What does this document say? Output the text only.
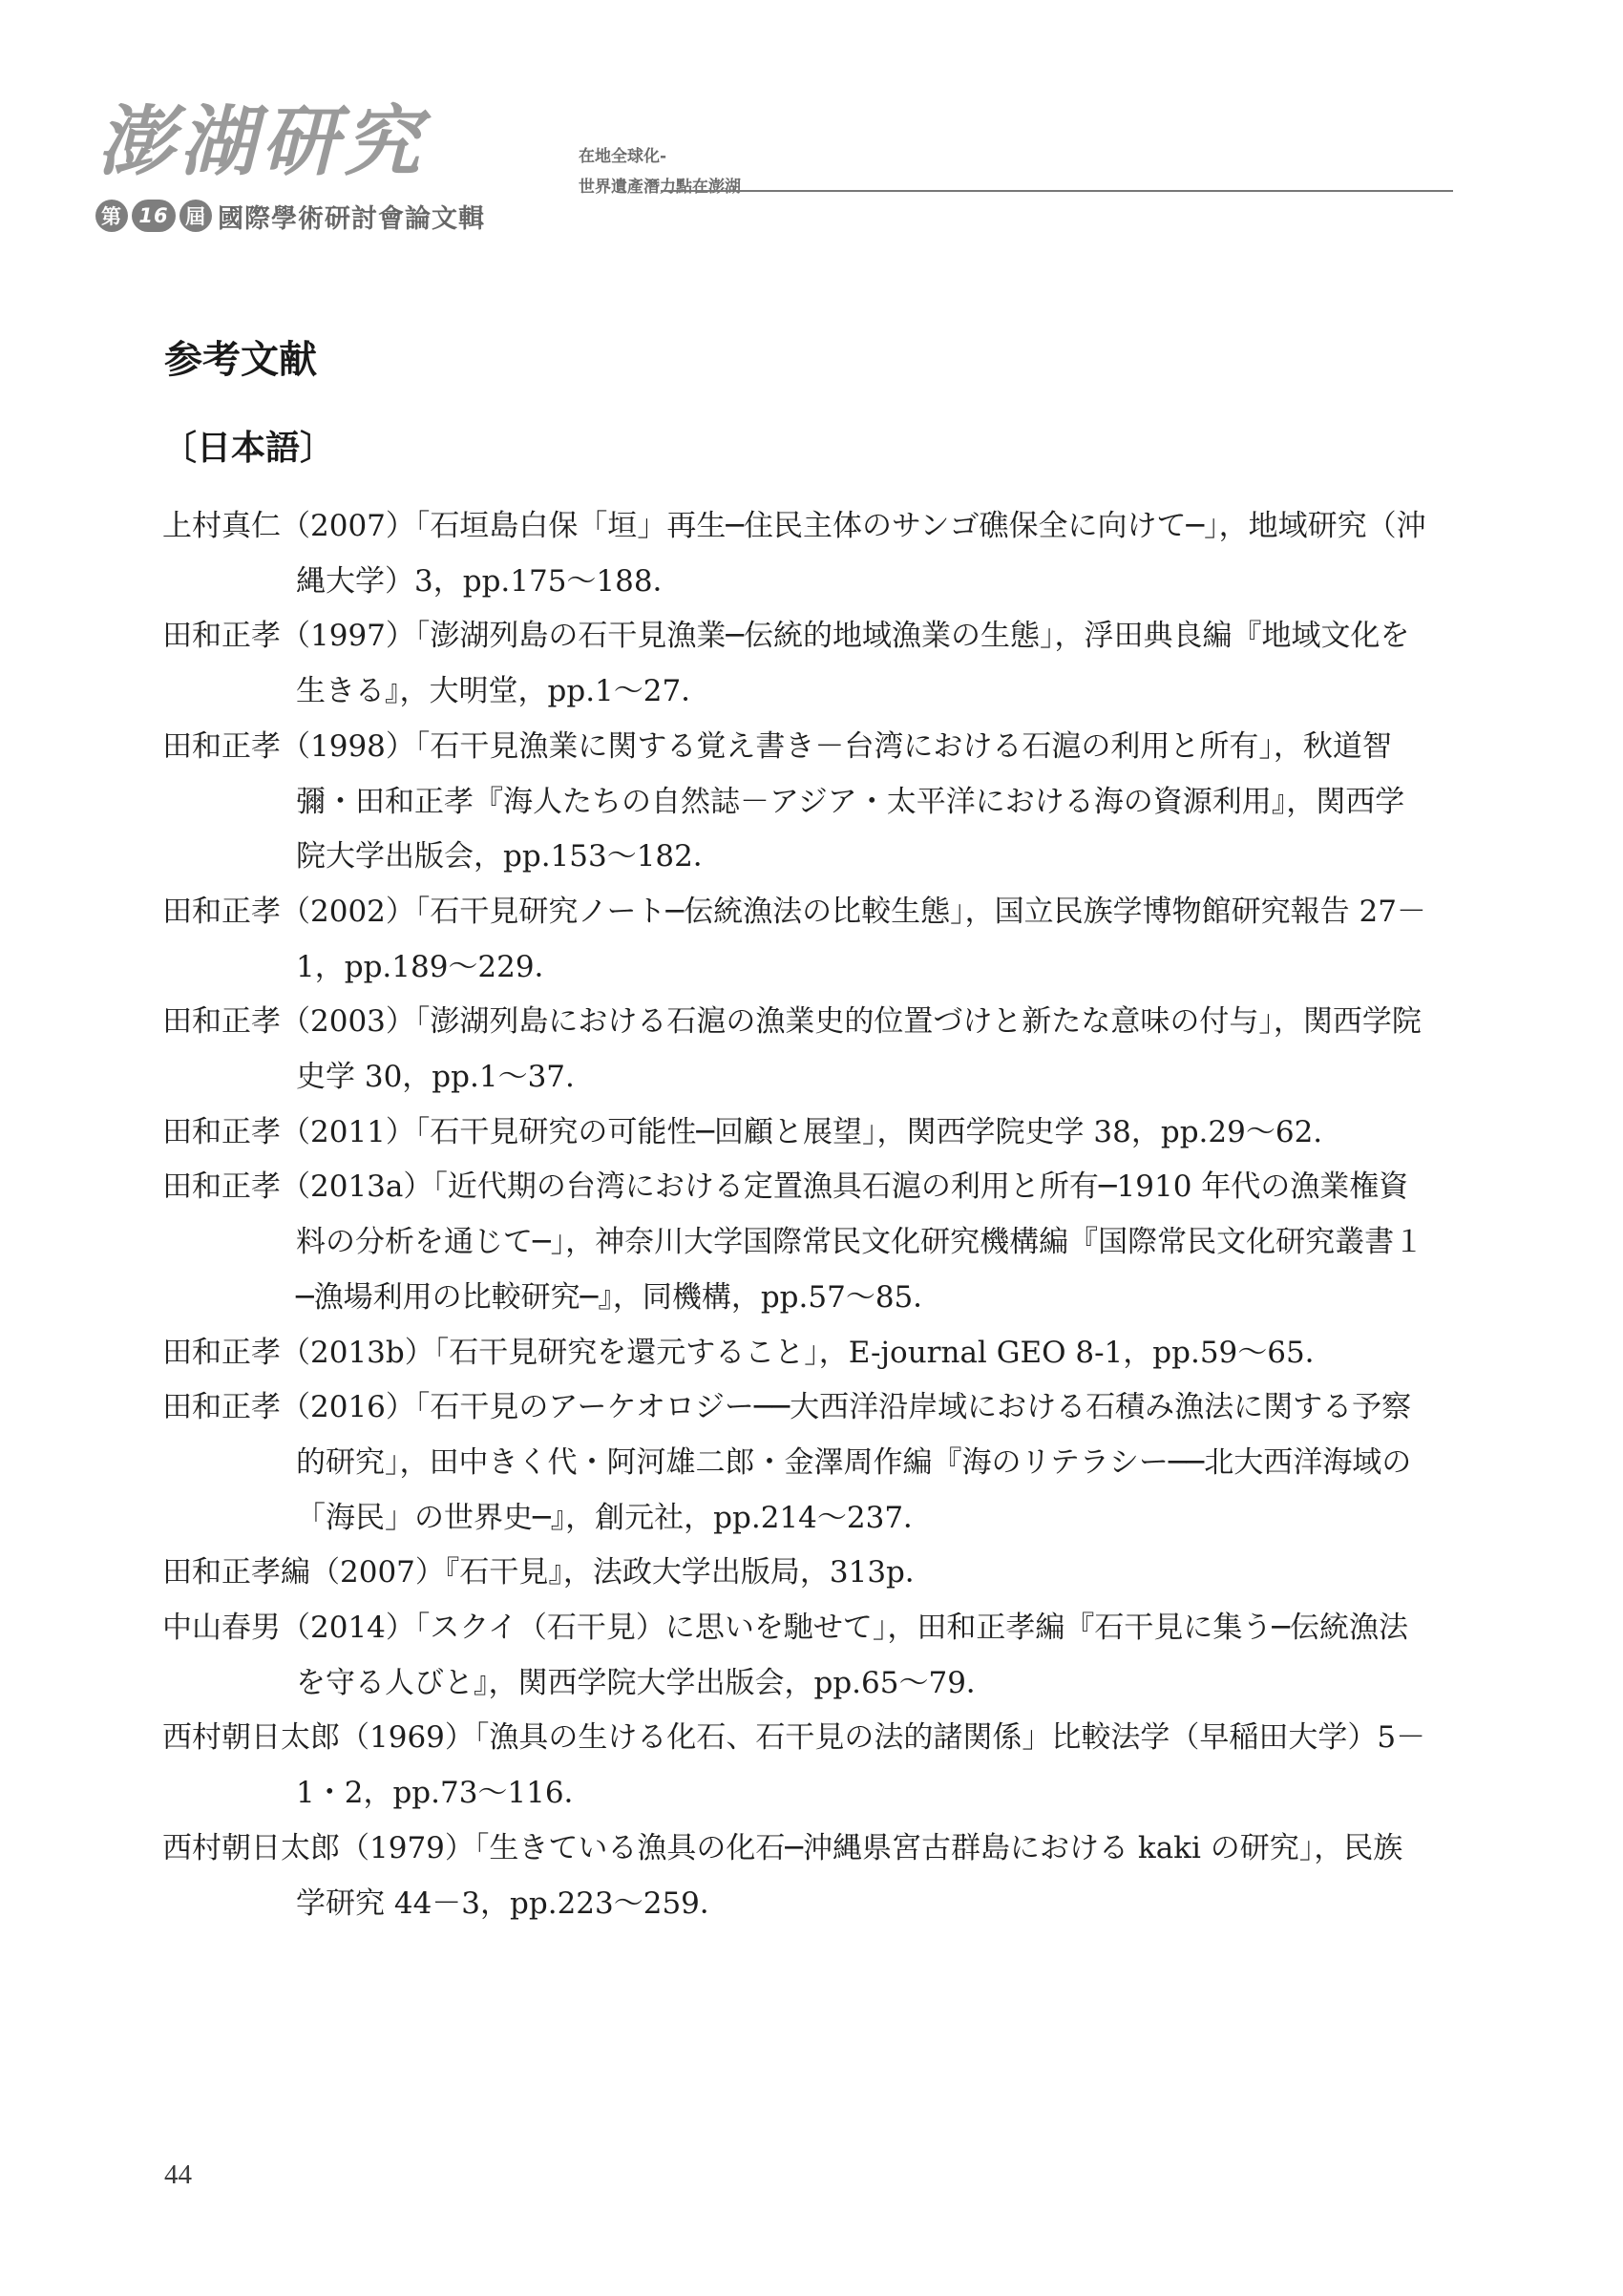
澎湖研究
第 16 屆 國際學術研討會論文輯
在地全球化-
世界遺產潛力點在澎湖
参考文献
〔日本語〕
上村真仁（2007）「石垣島白保「垣」再生─住民主体のサンゴ礁保全に向けて─」，地域研究（沖縄大学）3，pp.175～188．
田和正孝（1997）「澎湖列島の石干見漁業─伝統的地域漁業の生態」，浮田典良編『地域文化を生きる』，大明堂，pp.1～27．
田和正孝（1998）「石干見漁業に関する覚え書き－台湾における石滬の利用と所有」，秋道智彌・田和正孝『海人たちの自然誌－アジア・太平洋における海の資源利用』，関西学院大学出版会，pp.153～182．
田和正孝（2002）「石干見研究ノート─伝統漁法の比較生態」，国立民族学博物館研究報告 27－1，pp.189～229．
田和正孝（2003）「澎湖列島における石滬の漁業史的位置づけと新たな意味の付与」，関西学院史学 30，pp.1～37.
田和正孝（2011）「石干見研究の可能性─回顧と展望」，関西学院史学 38，pp.29～62.
田和正孝（2013a）「近代期の台湾における定置漁具石滬の利用と所有─1910 年代の漁業権資料の分析を通じて─」，神奈川大学国際常民文化研究機構編『国際常民文化研究叢書１─漁場利用の比較研究─』，同機構，pp.57～85．
田和正孝（2013b）「石干見研究を還元すること」，E-journal GEO 8-1，pp.59～65．
田和正孝（2016）「石干見のアーケオロジー──大西洋沿岸域における石積み漁法に関する予察的研究」，田中きく代・阿河雄二郎・金澤周作編『海のリテラシー──北大西洋海域の「海民」の世界史─』，創元社，pp.214～237．
田和正孝編（2007）『石干見』，法政大学出版局，313p．
中山春男（2014）「スクイ（石干見）に思いを馳せて」，田和正孝編『石干見に集う─伝統漁法を守る人びと』，関西学院大学出版会，pp.65～79．
西村朝日太郎（1969）「漁具の生ける化石、石干見の法的諸関係」比較法学（早稲田大学）5－1・2，pp.73～116．
西村朝日太郎（1979）「生きている漁具の化石─沖縄県宮古群島における kaki の研究」，民族学研究 44－3，pp.223～259．
44
